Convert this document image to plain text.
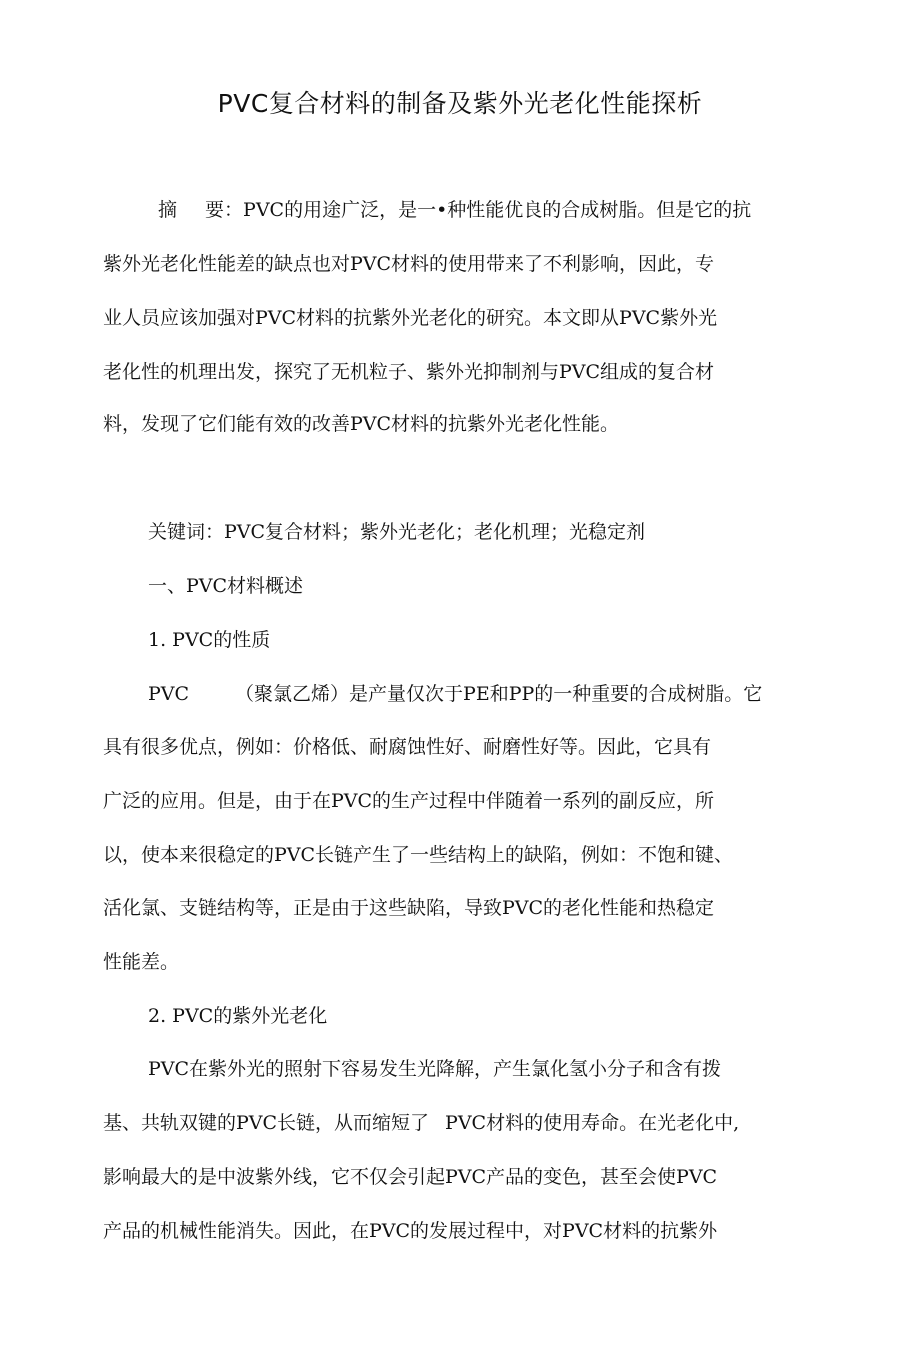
PVC复合材料的制备及紫外光老化性能探析

摘 要：PVC的用途广泛，是一•种性能优良的合成树脂。但是它的抗

紫外光老化性能差的缺点也对PVC材料的使用带来了不利影响，因此，专

业人员应该加强对PVC材料的抗紫外光老化的研究。本文即从PVC紫外光

老化性的机理出发，探究了无机粒子、紫外光抑制剂与PVC组成的复合材

料，发现了它们能有效的改善PVC材料的抗紫外光老化性能。

关键词：PVC复合材料；紫外光老化；老化机理；光稳定剂

一、PVC材料概述

1. PVC的性质

PVC （聚氯乙烯）是产量仅次于PE和PP的一种重要的合成树脂。它

具有很多优点，例如：价格低、耐腐蚀性好、耐磨性好等。因此，它具有

广泛的应用。但是，由于在PVC的生产过程中伴随着一系列的副反应，所

以，使本来很稳定的PVC长链产生了一些结构上的缺陷，例如：不饱和键、

活化氯、支链结构等，正是由于这些缺陷，导致PVC的老化性能和热稳定

性能差。

2. PVC的紫外光老化

PVC在紫外光的照射下容易发生光降解，产生氯化氢小分子和含有拨

基、共轨双键的PVC长链，从而缩短了 PVC材料的使用寿命。在光老化中,

影响最大的是中波紫外线，它不仅会引起PVC产品的变色，甚至会使PVC

产品的机械性能消失。因此，在PVC的发展过程中，对PVC材料的抗紫外
